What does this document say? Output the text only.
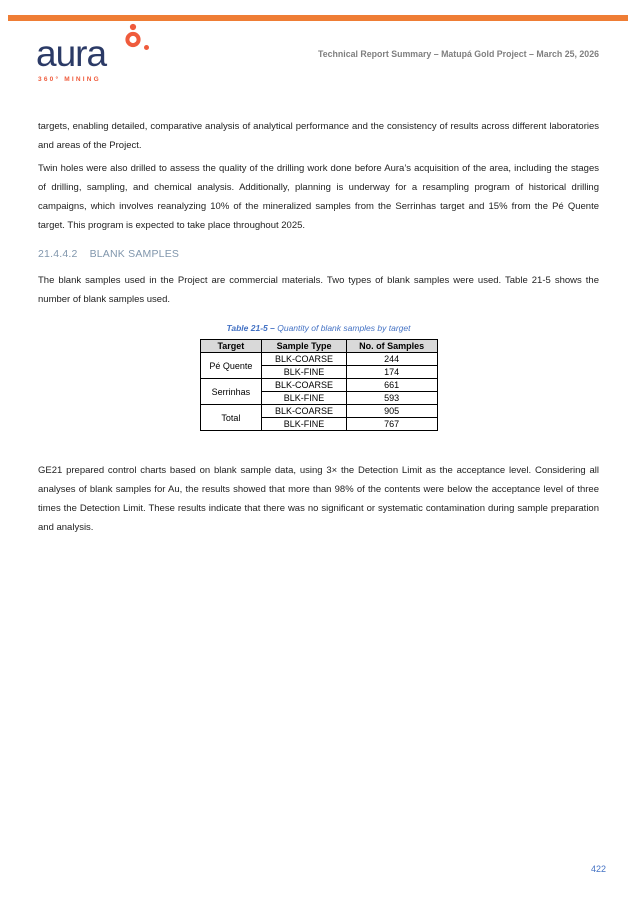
aura
360° MINING
Technical Report Summary – Matupá Gold Project – March 25, 2026

targets, enabling detailed, comparative analysis of analytical performance and the consistency of results across different laboratories and areas of the Project.

Twin holes were also drilled to assess the quality of the drilling work done before Aura’s acquisition of the area, including the stages of drilling, sampling, and chemical analysis. Additionally, planning is underway for a resampling program of historical drilling campaigns, which involves reanalyzing 10% of the mineralized samples from the Serrinhas target and 15% from the Pé Quente target. This program is expected to take place throughout 2025.

21.4.4.2 BLANK SAMPLES

The blank samples used in the Project are commercial materials. Two types of blank samples were used. Table 21-5 shows the number of blank samples used.

Table 21-5 – Quantity of blank samples by target
Target	Sample Type	No. of Samples
Pé Quente	BLK-COARSE	244
	BLK-FINE	174
Serrinhas	BLK-COARSE	661
	BLK-FINE	593
Total	BLK-COARSE	905
	BLK-FINE	767

GE21 prepared control charts based on blank sample data, using 3× the Detection Limit as the acceptance level. Considering all analyses of blank samples for Au, the results showed that more than 98% of the contents were below the acceptance level of three times the Detection Limit. These results indicate that there was no significant or systematic contamination during sample preparation and analysis.

422
